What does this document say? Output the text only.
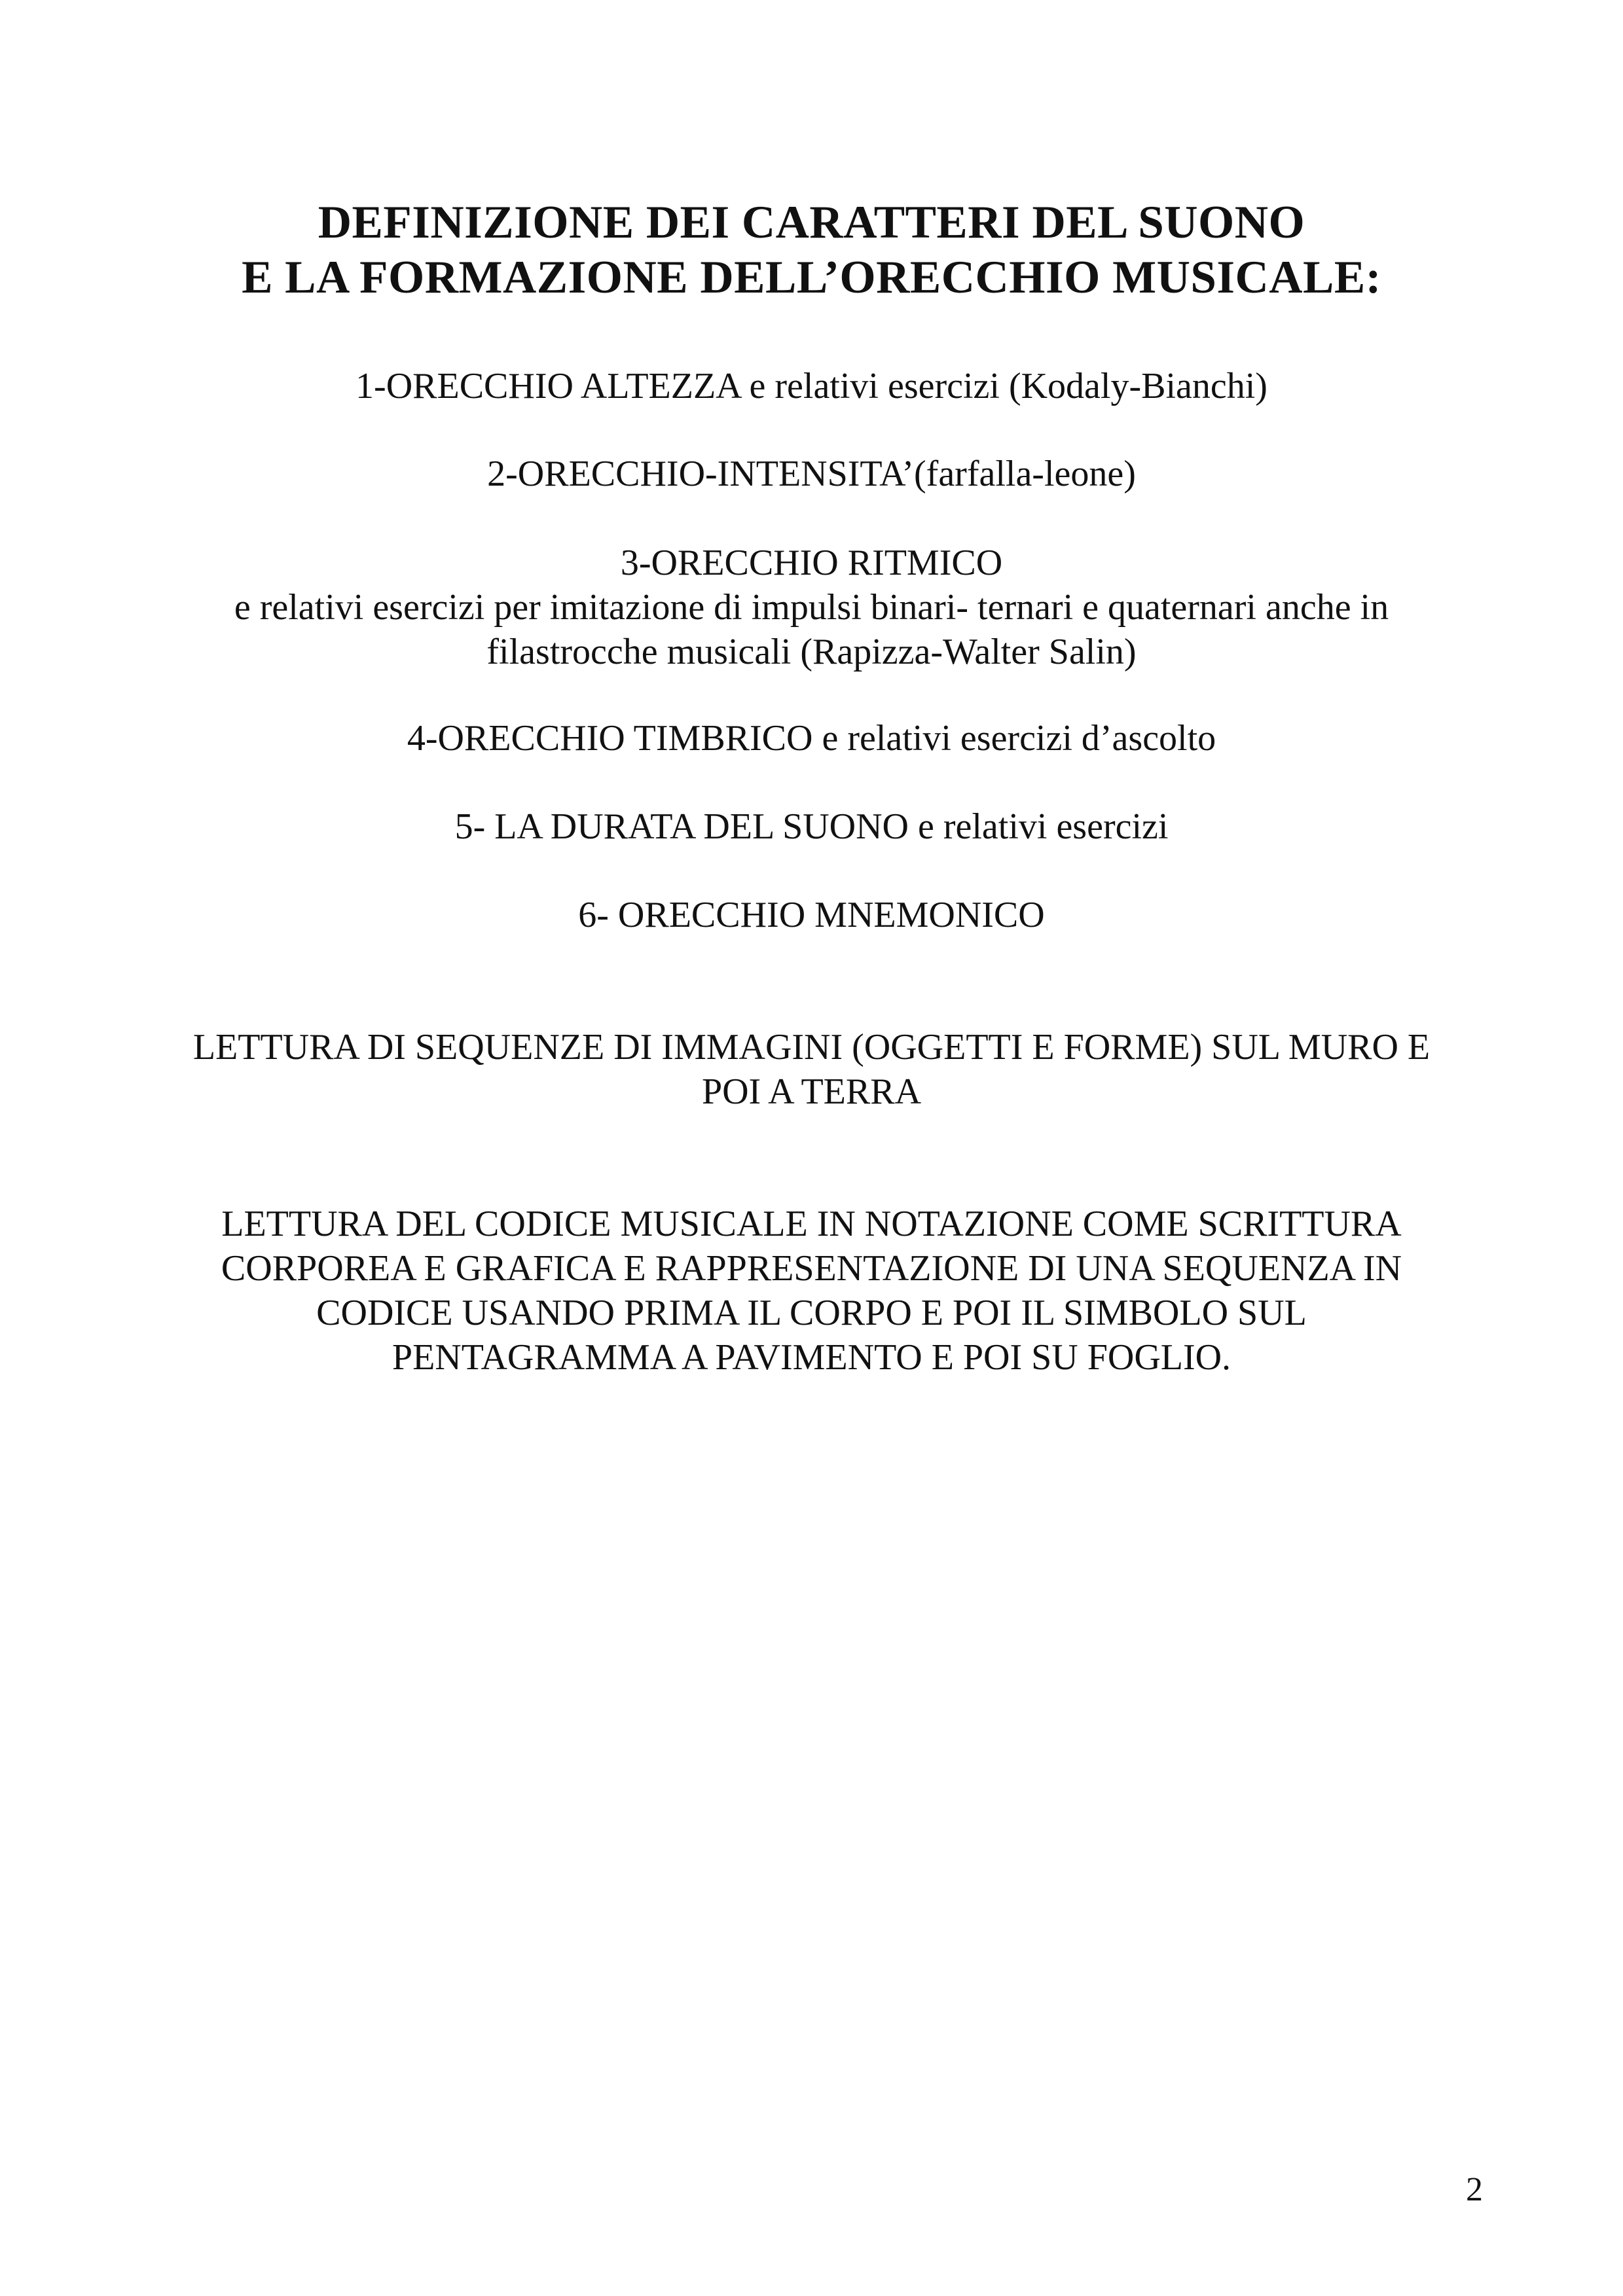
DEFINIZIONE DEI CARATTERI DEL SUONO
E LA FORMAZIONE DELL’ORECCHIO MUSICALE:
1-ORECCHIO ALTEZZA e relativi esercizi (Kodaly-Bianchi)
2-ORECCHIO-INTENSITA’(farfalla-leone)
3-ORECCHIO RITMICO
e relativi esercizi per imitazione di impulsi binari- ternari e quaternari anche in
filastrocche musicali (Rapizza-Walter Salin)
4-ORECCHIO TIMBRICO e relativi esercizi d’ascolto
5- LA DURATA DEL SUONO e relativi esercizi
6- ORECCHIO MNEMONICO
LETTURA DI SEQUENZE DI IMMAGINI (OGGETTI E FORME) SUL MURO E
POI A TERRA
LETTURA DEL CODICE MUSICALE IN NOTAZIONE COME SCRITTURA
CORPOREA E GRAFICA E RAPPRESENTAZIONE DI UNA SEQUENZA IN
CODICE USANDO PRIMA IL CORPO E POI IL SIMBOLO SUL
PENTAGRAMMA A PAVIMENTO E POI SU FOGLIO.
2
